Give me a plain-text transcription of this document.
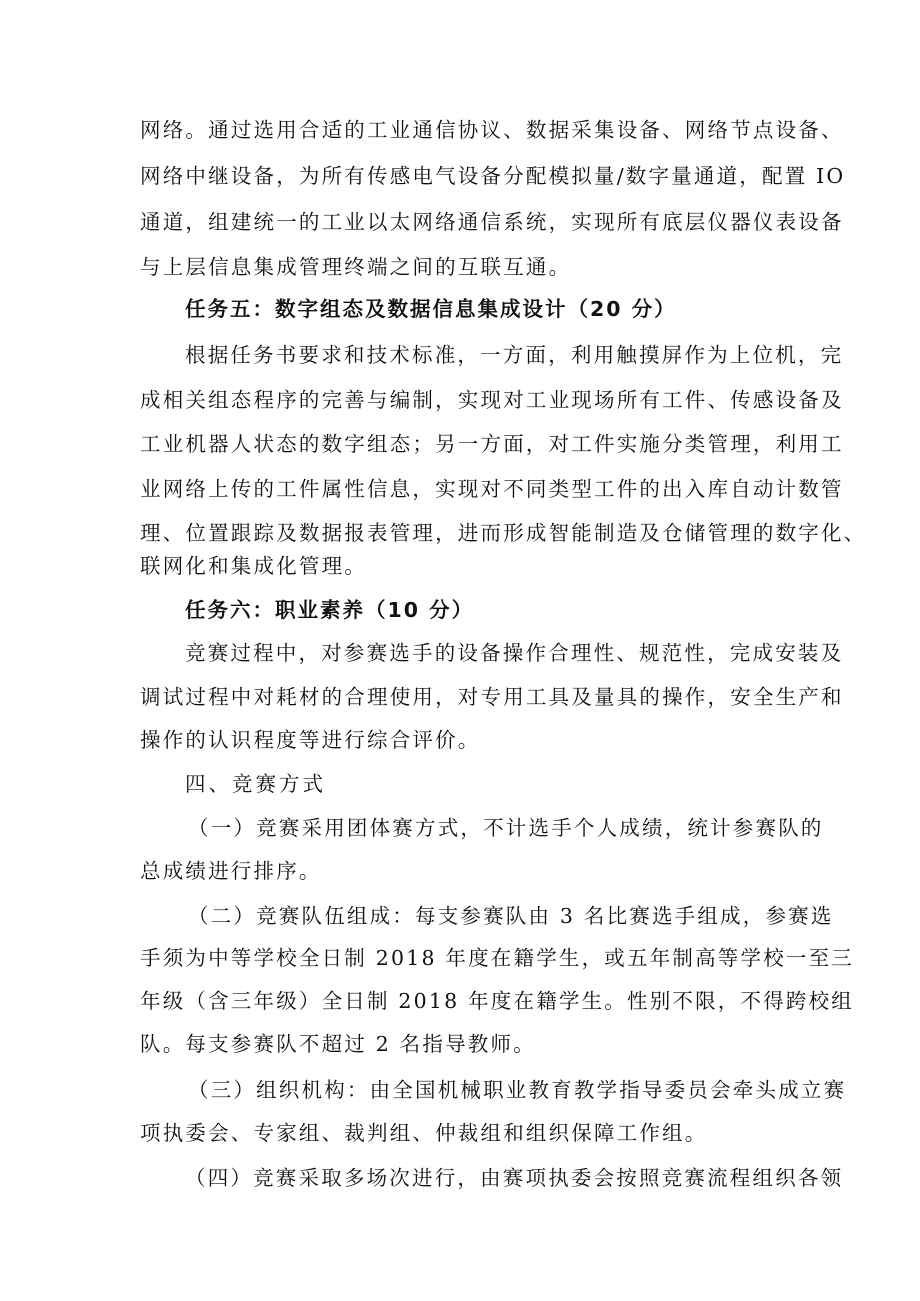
网络。通过选用合适的工业通信协议、数据采集设备、网络节点设备、
网络中继设备，为所有传感电气设备分配模拟量/数字量通道，配置 IO
通道，组建统一的工业以太网络通信系统，实现所有底层仪器仪表设备
与上层信息集成管理终端之间的互联互通。
任务五：数字组态及数据信息集成设计（20 分）
根据任务书要求和技术标准，一方面，利用触摸屏作为上位机，完
成相关组态程序的完善与编制，实现对工业现场所有工件、传感设备及
工业机器人状态的数字组态；另一方面，对工件实施分类管理，利用工
业网络上传的工件属性信息，实现对不同类型工件的出入库自动计数管
理、位置跟踪及数据报表管理，进而形成智能制造及仓储管理的数字化、
联网化和集成化管理。
任务六：职业素养（10 分）
竞赛过程中，对参赛选手的设备操作合理性、规范性，完成安装及
调试过程中对耗材的合理使用，对专用工具及量具的操作，安全生产和
操作的认识程度等进行综合评价。
四、竞赛方式
（一）竞赛采用团体赛方式，不计选手个人成绩，统计参赛队的
总成绩进行排序。
（二）竞赛队伍组成：每支参赛队由 3 名比赛选手组成，参赛选
手须为中等学校全日制 2018 年度在籍学生，或五年制高等学校一至三
年级（含三年级）全日制 2018 年度在籍学生。性别不限，不得跨校组
队。每支参赛队不超过 2 名指导教师。
（三）组织机构：由全国机械职业教育教学指导委员会牵头成立赛
项执委会、专家组、裁判组、仲裁组和组织保障工作组。
（四）竞赛采取多场次进行，由赛项执委会按照竞赛流程组织各领
